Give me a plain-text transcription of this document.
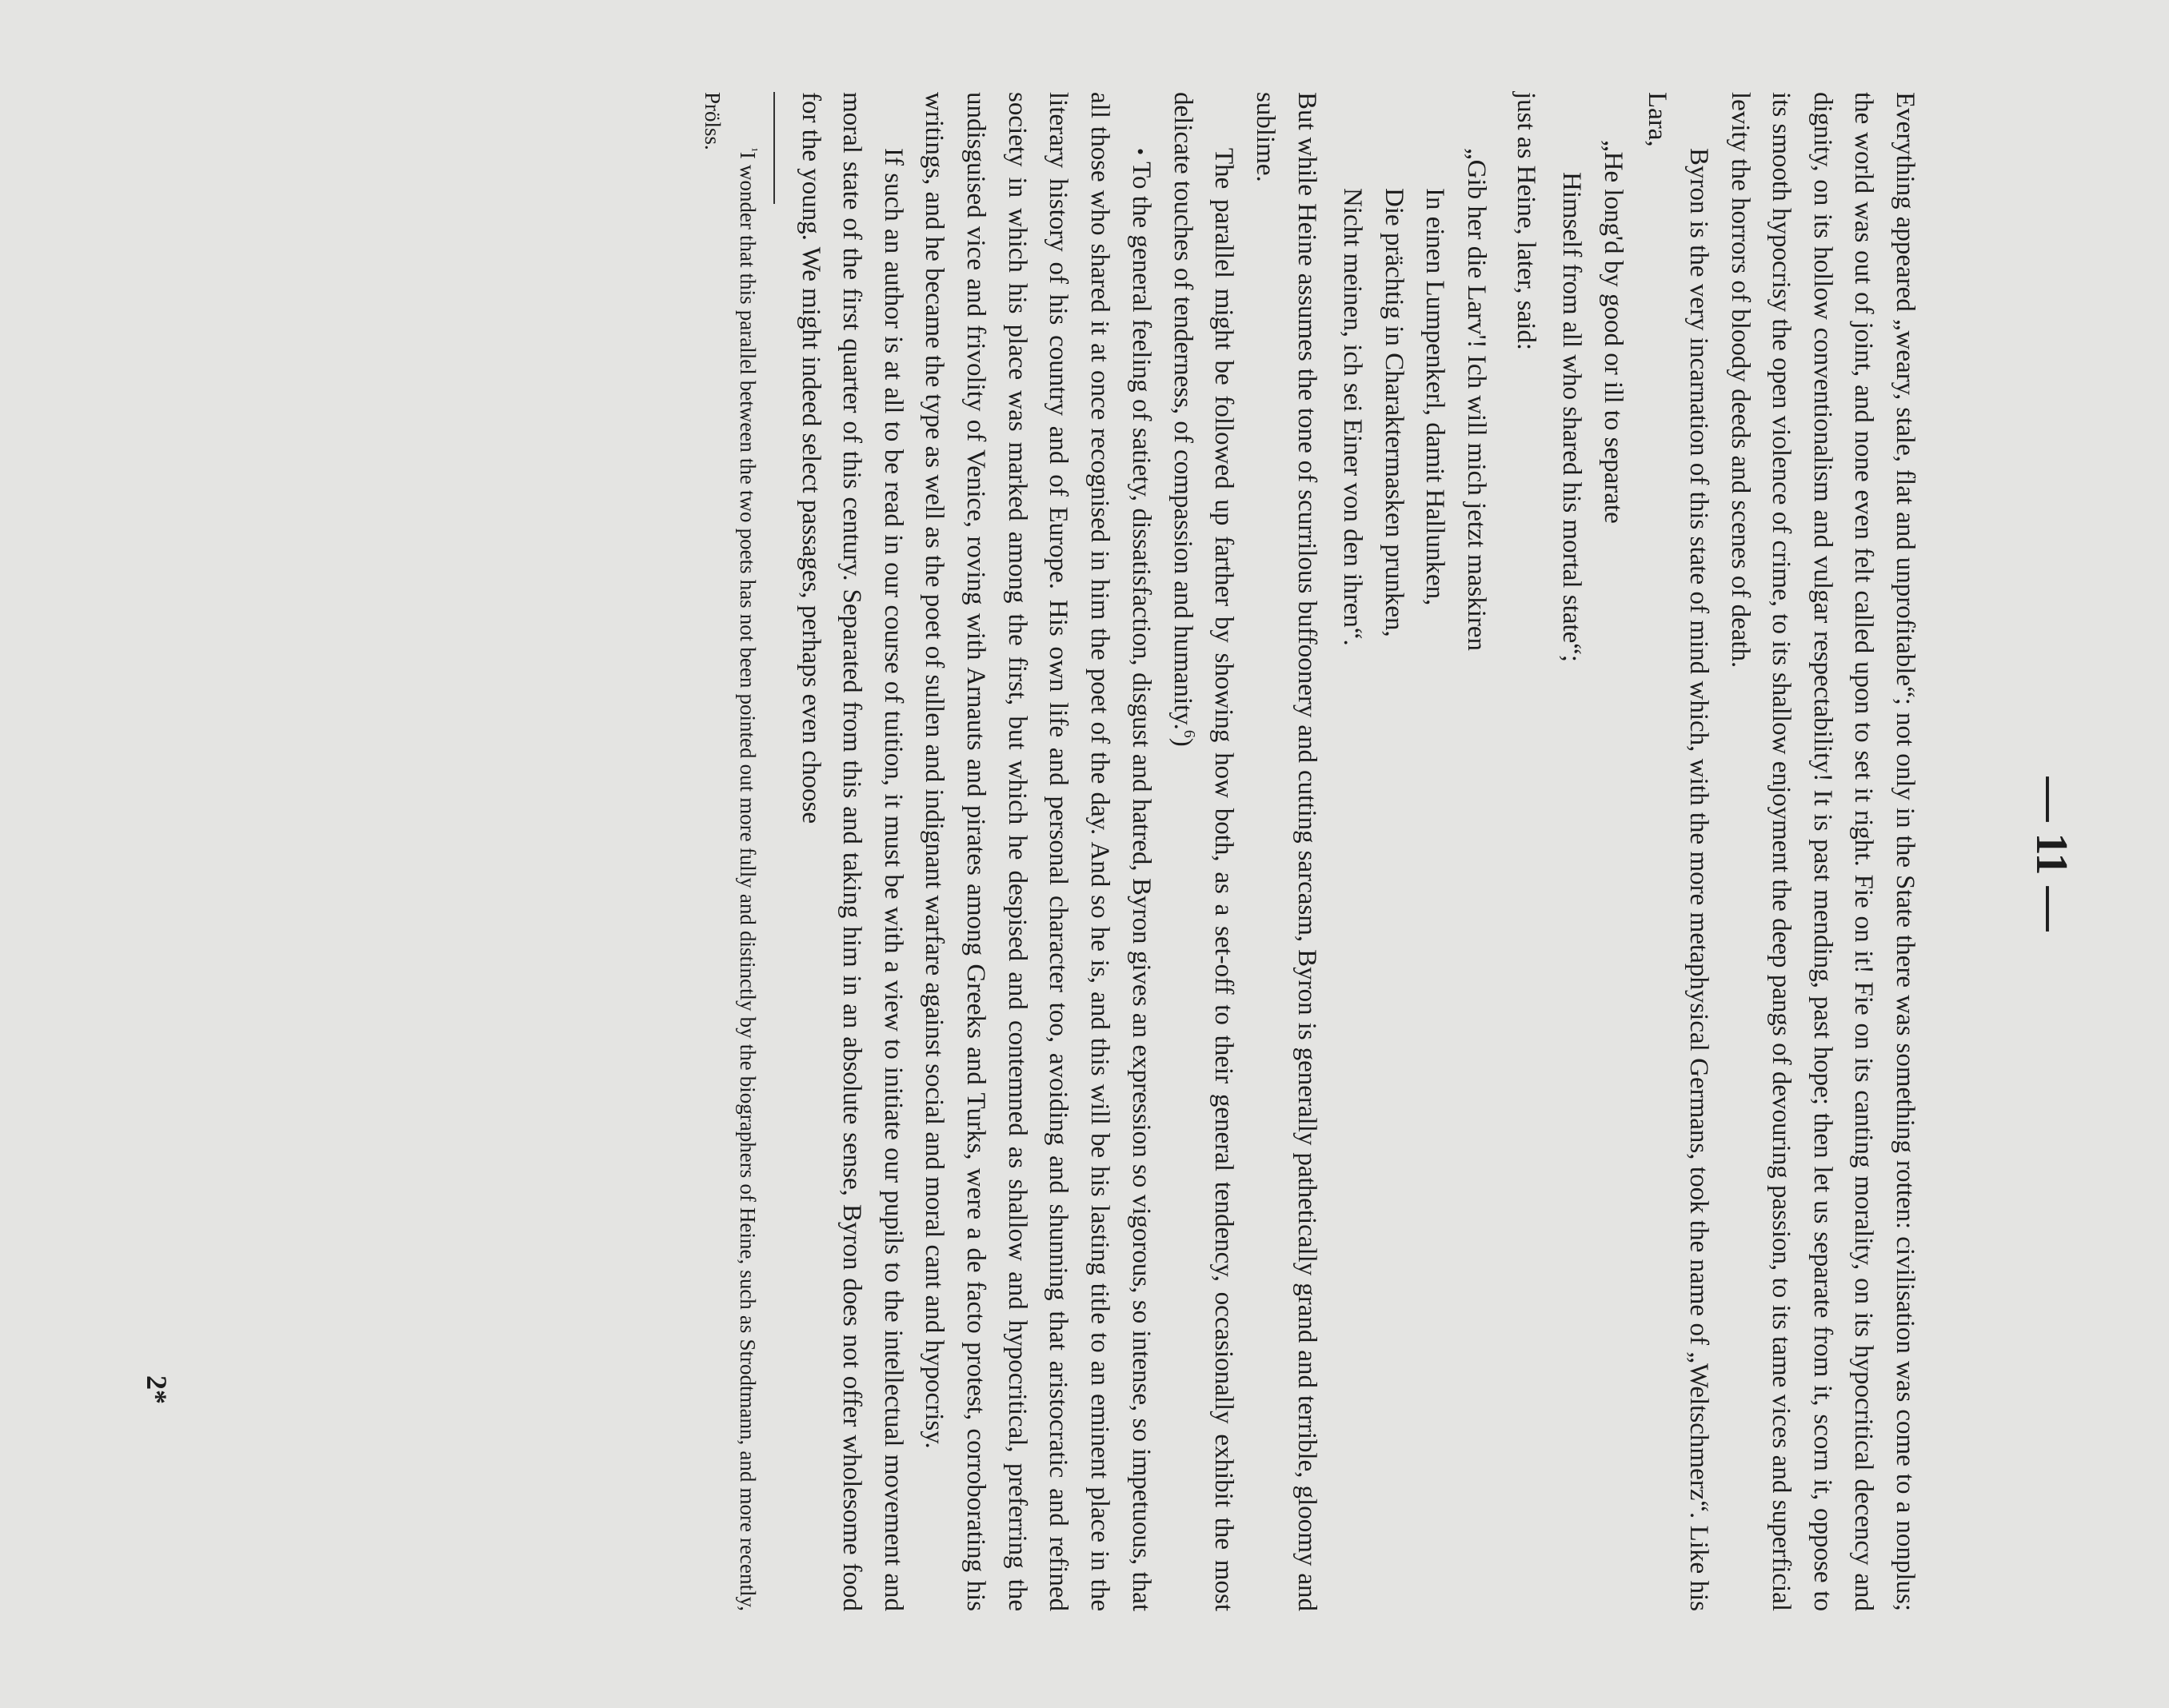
— 11 —

Everything appeared „weary, stale, flat and unprofitable“; not only in the State there was something rotten: civilisation was come to a nonplus; the world was out of joint, and none even felt called upon to set it right. Fie on it! Fie on its canting morality, on its hypocritical decency and dignity, on its hollow conventionalism and vulgar respectability! It is past mending, past hope; then let us separate from it, scorn it, oppose to its smooth hypocrisy the open violence of crime, to its shallow enjoyment the deep pangs of devouring passion, to its tame vices and superficial levity the horrors of bloody deeds and scenes of death.

Byron is the very incarnation of this state of mind which, with the more metaphysical Germans, took the name of „Weltschmerz“. Like his Lara,

„He long'd by good or ill to separate
Himself from all who shared his mortal state“;

just as Heine, later, said:

„Gib her die Larv'! Ich will mich jetzt maskiren
In einen Lumpenkerl, damit Hallunken,
Die prächtig in Charaktermasken prunken,
Nicht meinen, ich sei Einer von den ihren“.

But while Heine assumes the tone of scurrilous buffoonery and cutting sarcasm, Byron is generally pathetically grand and terrible, gloomy and sublime.

The parallel might be followed up farther by showing how both, as a set-off to their general tendency, occasionally exhibit the most delicate touches of tenderness, of compassion and humanity.$^6$)

•To the general feeling of satiety, dissatisfaction, disgust and hatred, Byron gives an expression so vigorous, so intense, so impetuous, that all those who shared it at once recognised in him the poet of the day. And so he is, and this will be his lasting title to an eminent place in the literary history of his country and of Europe. His own life and personal character too, avoiding and shunning that aristocratic and refined society in which his place was marked among the first, but which he despised and contemned as shallow and hypocritical, preferring the undisguised vice and frivolity of Venice, roving with Arnauts and pirates among Greeks and Turks, were a de facto protest, corroborating his writings, and he became the type as well as the poet of sullen and indignant warfare against social and moral cant and hypocrisy.

If such an author is at all to be read in our course of tuition, it must be with a view to initiate our pupils to the intellectual movement and moral state of the first quarter of this century. Separated from this and taking him in an absolute sense, Byron does not offer wholesome food for the young. We might indeed select passages, perhaps even choose

$^{^1}$I wonder that this parallel between the two poets has not been pointed out more fully and distinctly by the biographers of Heine, such as Strodtmann, and more recently, Prölss.

2*
